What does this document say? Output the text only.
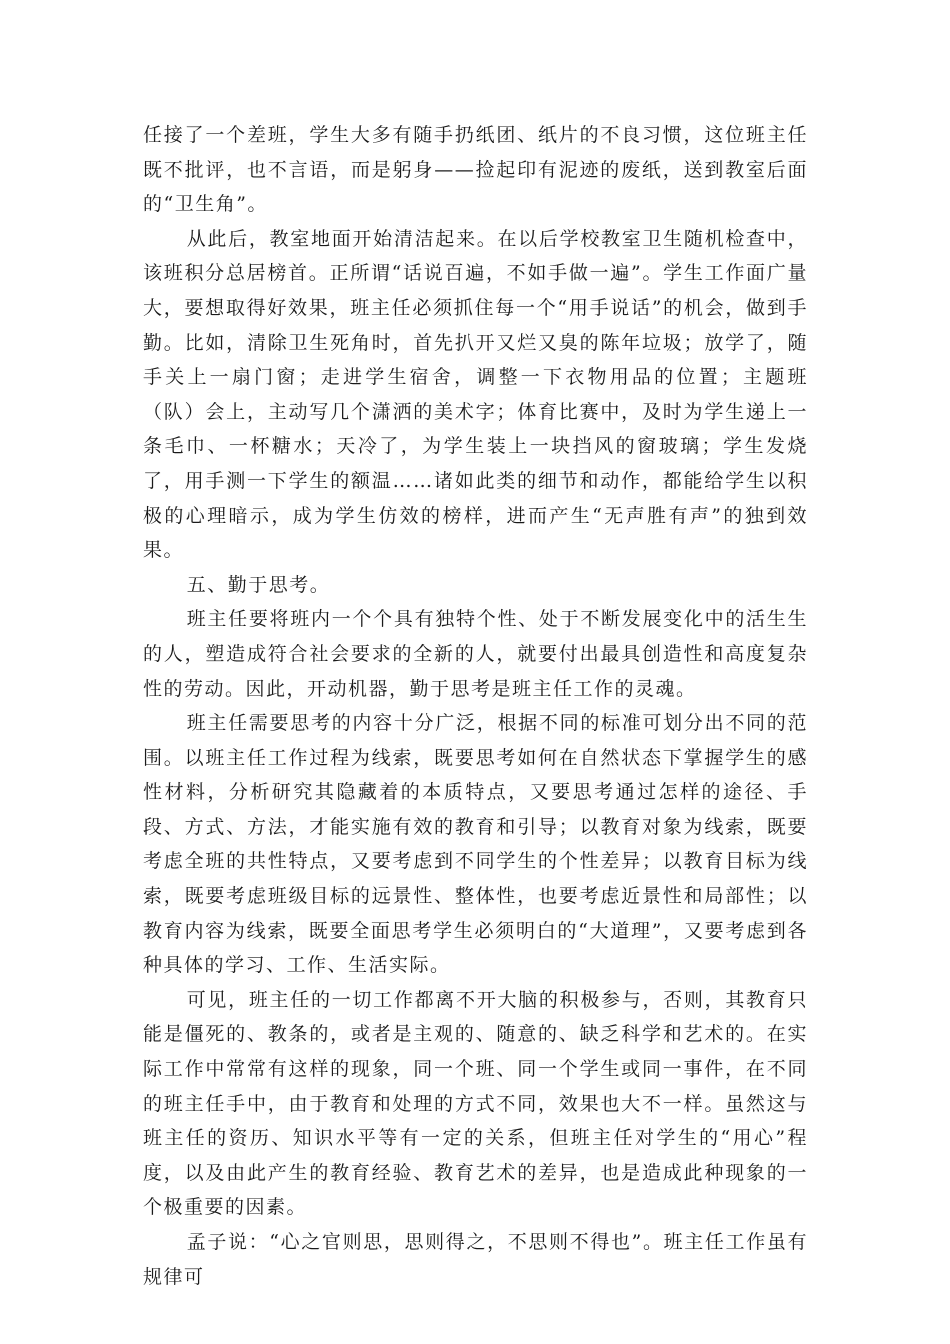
任接了一个差班，学生大多有随手扔纸团、纸片的不良习惯，这位班主任既不批评，也不言语，而是躬身——捡起印有泥迹的废纸，送到教室后面的“卫生角”。

从此后，教室地面开始清洁起来。在以后学校教室卫生随机检查中，该班积分总居榜首。正所谓“话说百遍，不如手做一遍”。学生工作面广量大，要想取得好效果，班主任必须抓住每一个“用手说话”的机会，做到手勤。比如，清除卫生死角时，首先扒开又烂又臭的陈年垃圾；放学了，随手关上一扇门窗；走进学生宿舍，调整一下衣物用品的位置；主题班（队）会上，主动写几个潇洒的美术字；体育比赛中，及时为学生递上一条毛巾、一杯糖水；天冷了，为学生装上一块挡风的窗玻璃；学生发烧了，用手测一下学生的额温……诸如此类的细节和动作，都能给学生以积极的心理暗示，成为学生仿效的榜样，进而产生“无声胜有声”的独到效果。

五、勤于思考。

班主任要将班内一个个具有独特个性、处于不断发展变化中的活生生的人，塑造成符合社会要求的全新的人，就要付出最具创造性和高度复杂性的劳动。因此，开动机器，勤于思考是班主任工作的灵魂。

班主任需要思考的内容十分广泛，根据不同的标准可划分出不同的范围。以班主任工作过程为线索，既要思考如何在自然状态下掌握学生的感性材料，分析研究其隐藏着的本质特点，又要思考通过怎样的途径、手段、方式、方法，才能实施有效的教育和引导；以教育对象为线索，既要考虑全班的共性特点，又要考虑到不同学生的个性差异；以教育目标为线索，既要考虑班级目标的远景性、整体性，也要考虑近景性和局部性；以教育内容为线索，既要全面思考学生必须明白的“大道理”，又要考虑到各种具体的学习、工作、生活实际。

可见，班主任的一切工作都离不开大脑的积极参与，否则，其教育只能是僵死的、教条的，或者是主观的、随意的、缺乏科学和艺术的。在实际工作中常常有这样的现象，同一个班、同一个学生或同一事件，在不同的班主任手中，由于教育和处理的方式不同，效果也大不一样。虽然这与班主任的资历、知识水平等有一定的关系，但班主任对学生的“用心”程度，以及由此产生的教育经验、教育艺术的差异，也是造成此种现象的一个极重要的因素。

孟子说：“心之官则思，思则得之，不思则不得也”。班主任工作虽有规律可
